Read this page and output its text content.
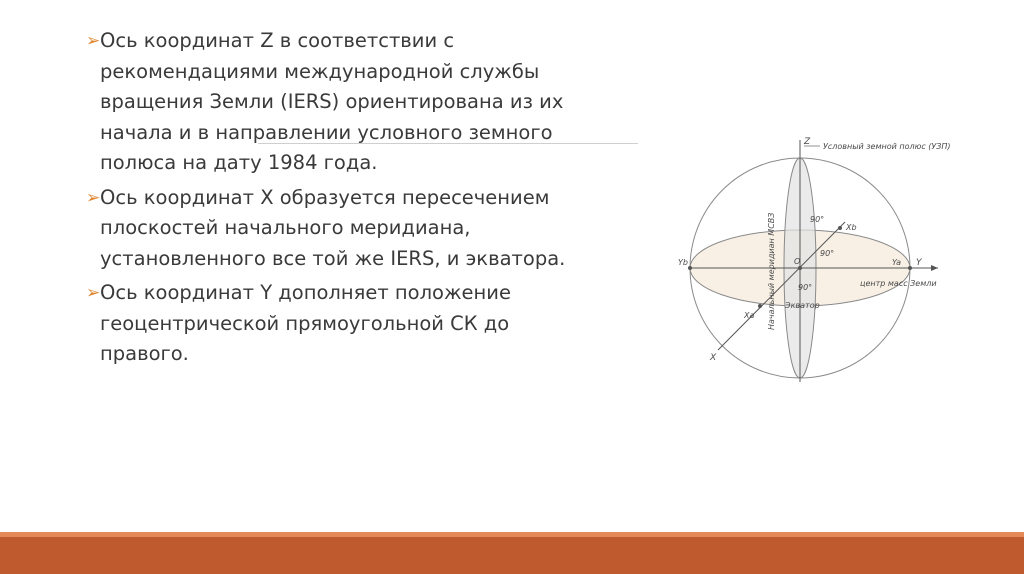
➢ Ось координат Z в соответствии с рекомендациями международной службы вращения Земли (IERS) ориентирована из их начала и в направлении условного земного полюса на дату 1984 года.
➢ Ось координат X образуется пересечением плоскостей начального меридиана, установленного все той же IERS, и экватора.
➢ Ось координат Y дополняет положение геоцентрической прямоугольной СК до правого.
Z Условный земной полюс (УЗП)
Начальный меридиан МСВЗ	90°
Xb
90°
Yb	O	Ya Y
90°	центр масс Земли
Экватор
Xa
X
